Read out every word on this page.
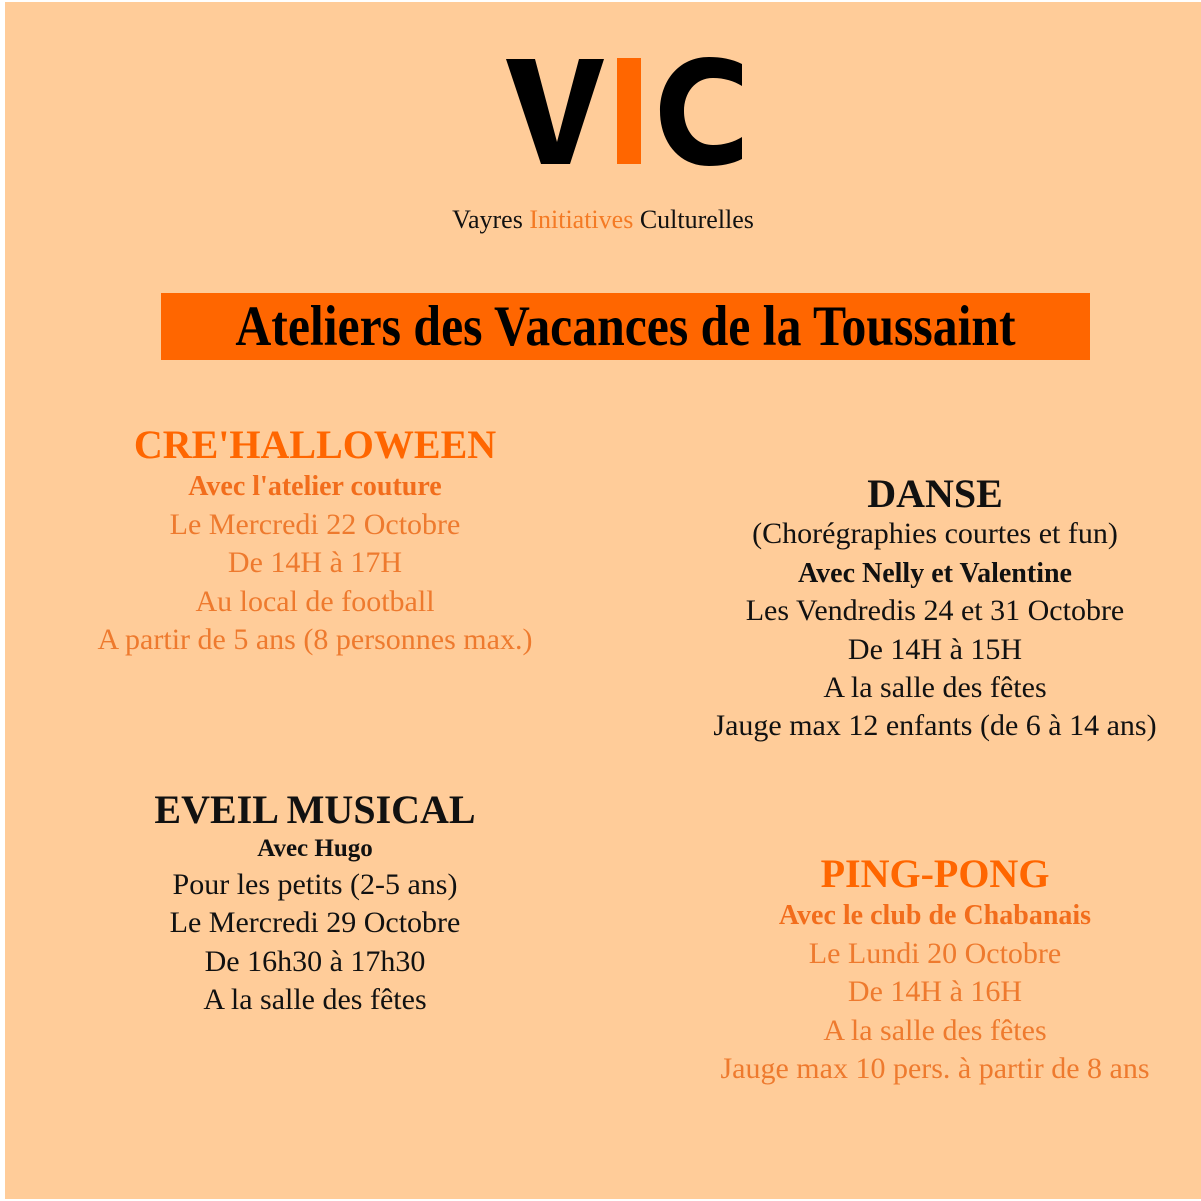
Vayres Initiatives Culturelles
Ateliers des Vacances de la Toussaint
CRE'HALLOWEEN
Avec l'atelier couture
Le Mercredi 22 Octobre
De 14H à 17H
Au local de football
A partir de 5 ans (8 personnes max.)
DANSE
(Chorégraphies courtes et fun)
Avec Nelly et Valentine
Les Vendredis 24 et 31 Octobre
De 14H à 15H
A la salle des fêtes
Jauge max 12 enfants (de 6 à 14 ans)
EVEIL MUSICAL
Avec Hugo
Pour les petits (2-5 ans)
Le Mercredi 29 Octobre
De 16h30 à 17h30
A la salle des fêtes
PING-PONG
Avec le club de Chabanais
Le Lundi 20 Octobre
De 14H à 16H
A la salle des fêtes
Jauge max 10 pers. à partir de 8 ans
